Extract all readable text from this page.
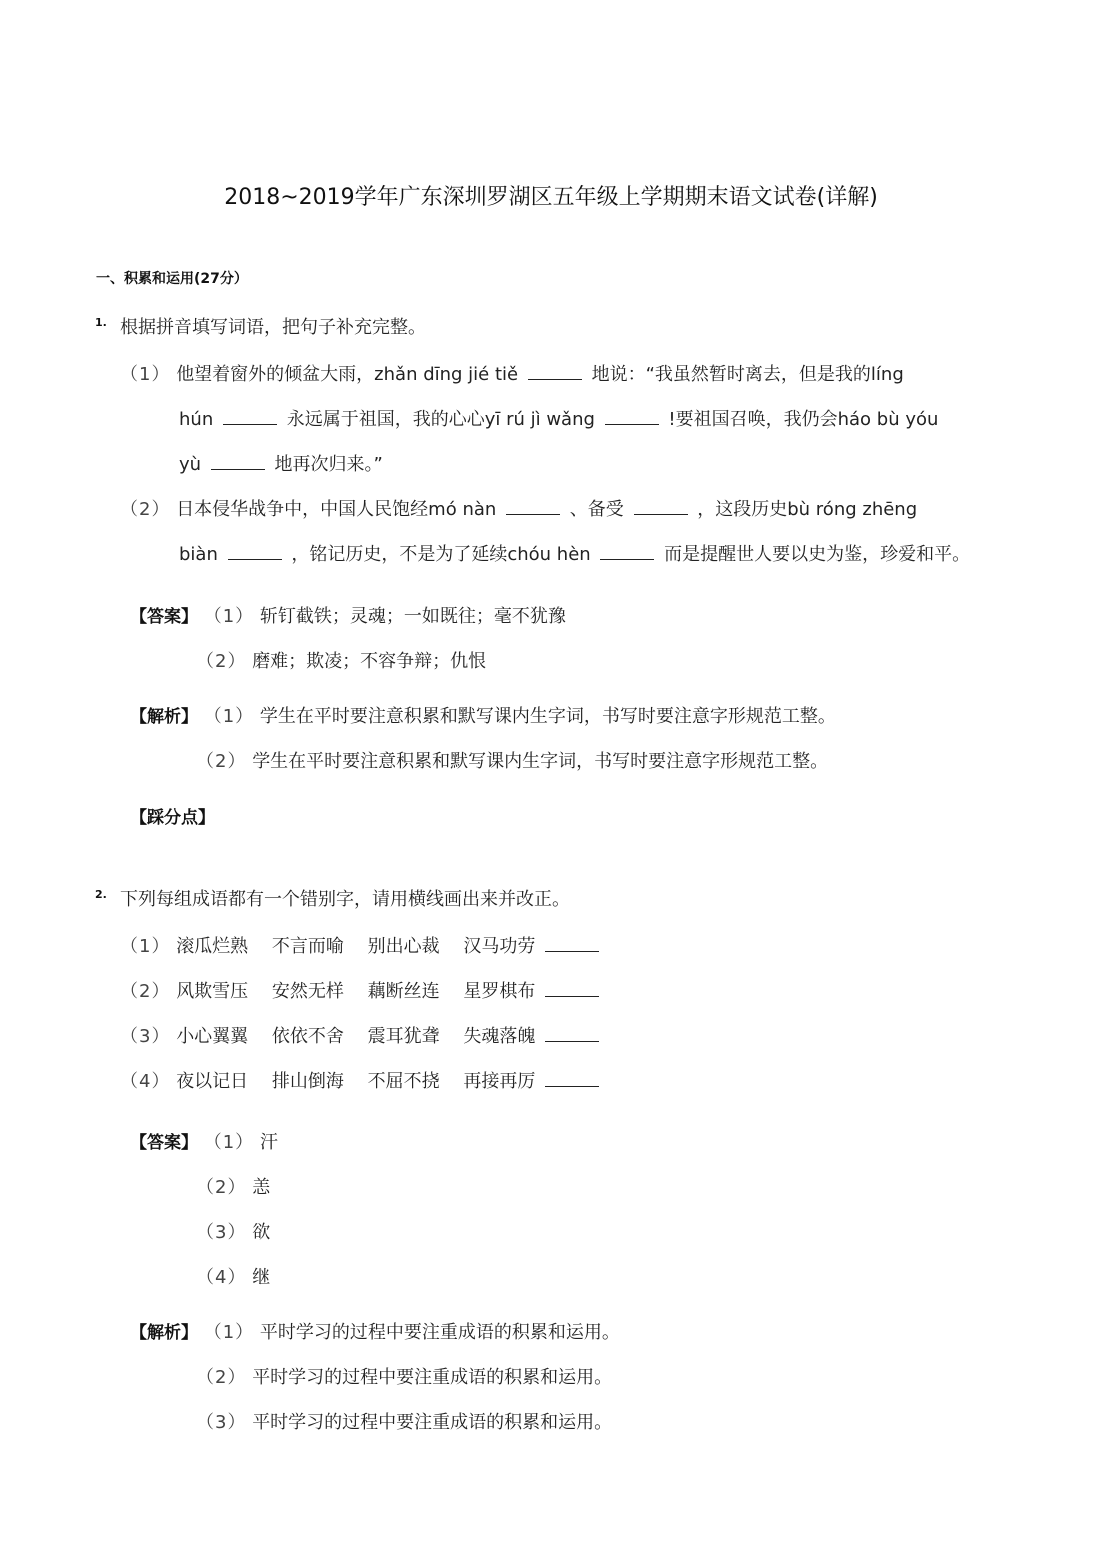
2018~2019学年广东深圳罗湖区五年级上学期期末语文试卷(详解)
一、积累和运用(27分）
1. 根据拼音填写词语，把句子补充完整。
（1） 他望着窗外的倾盆大雨，zhǎn dīng jié tiě	地说：“我虽然暂时离去，但是我的líng
hún	永远属于祖国，我的心心yī rú jì wǎng	!要祖国召唤，我仍会háo bù yóu
yù	地再次归来。”
（2） 日本侵华战争中，中国人民饱经mó nàn	、备受	，这段历史bù róng zhēng
biàn	，铭记历史，不是为了延续chóu hèn	而是提醒世人要以史为鉴，珍爱和平。
【答案】 （1） 斩钉截铁；灵魂；一如既往；毫不犹豫
（2） 磨难；欺凌；不容争辩；仇恨
【解析】 （1） 学生在平时要注意积累和默写课内生字词，书写时要注意字形规范工整。
（2） 学生在平时要注意积累和默写课内生字词，书写时要注意字形规范工整。
【踩分点】
2. 下列每组成语都有一个错别字，请用横线画出来并改正。
（1） 滚瓜烂熟 不言而喻 别出心裁 汉马功劳
（2） 风欺雪压 安然无样 藕断丝连 星罗棋布
（3） 小心翼翼 依依不舍 震耳犹聋 失魂落魄
（4） 夜以记日 排山倒海 不屈不挠 再接再厉
【答案】 （1） 汗
（2） 恙
（3） 欲
（4） 继
【解析】 （1） 平时学习的过程中要注重成语的积累和运用。
（2） 平时学习的过程中要注重成语的积累和运用。
（3） 平时学习的过程中要注重成语的积累和运用。
